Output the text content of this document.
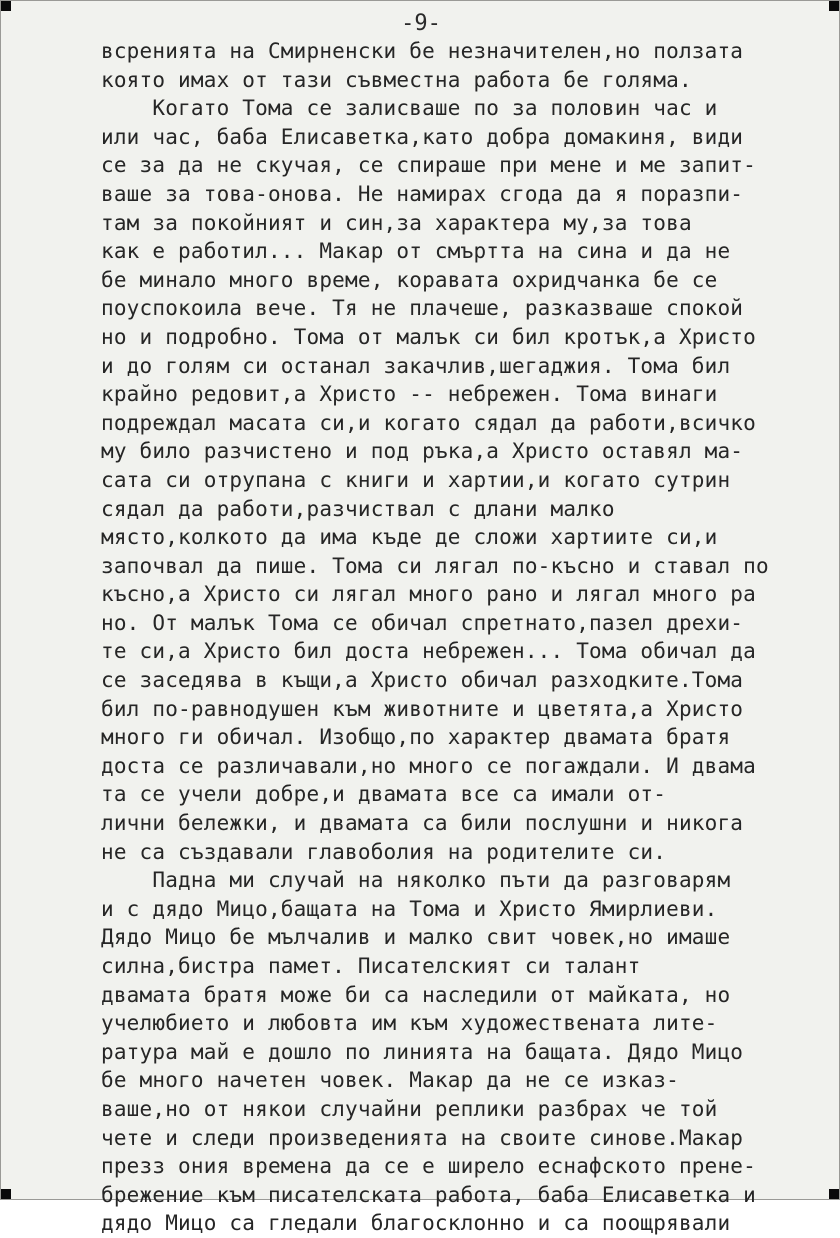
-9-
всренията на Смирненски бе незначителен,но ползата
която имах от тази съвместна работа бе голяма.
Когато Тома се залисваше по за половин час и
или час, баба Елисаветка,като добра домакиня, види
се за да не скучая, се спираше при мене и ме запит-
ваше за това-онова. Не намирах сгода да я поразпи-
там за покойният и син,за характера му,за това
как е работил... Макар от смъртта на сина и да не
бе минало много време, коравата охридчанка бе се
поуспокоила вече. Тя не плачеше, разказваше спокой
но и подробно. Тома от малък си бил кротък,а Христо
и до голям си останал закачлив,шегаджия. Тома бил
крайно редовит,а Христо -- небрежен. Тома винаги
подреждал масата си,и когато сядал да работи,всичко
му било разчистено и под ръка,а Христо оставял ма-
сата си отрупана с книги и хартии,и когато сутрин
сядал да работи,разчиствал с длани малко
място,колкото да има къде де сложи хартиите си,и
започвал да пише. Тома си лягал по-късно и ставал по
късно,а Христо си лягал много рано и лягал много ра
но. От малък Тома се обичал спретнато,пазел дрехи-
те си,а Христо бил доста небрежен... Тома обичал да
се заседява в къщи,а Христо обичал разходките.Тома
бил по-равнодушен към животните и цветята,а Христо
много ги обичал. Изобщо,по характер двамата братя
доста се различавали,но много се погаждали. И двама
та се учели добре,и двамата все са имали от-
лични бележки, и двамата са били послушни и никога
не са създавали главоболия на родителите си.
Падна ми случай на няколко пъти да разговарям
и с дядо Мицо,бащата на Тома и Христо Ямирлиеви.
Дядо Мицо бе мълчалив и малко свит човек,но имаше
силна,бистра памет. Писателският си талант
двамата братя може би са наследили от майката, но
учелюбието и любовта им към художествената лите-
ратура май е дошло по линията на бащата. Дядо Мицо
бе много начетен човек. Макар да не се изказ-
ваше,но от някои случайни реплики разбрах че той
чете и следи произведенията на своите синове.Макар
презз ония времена да се е ширело еснафското прене-
брежение към писателската работа, баба Елисаветка и
дядо Мицо са гледали благосклонно и са поощрявали
